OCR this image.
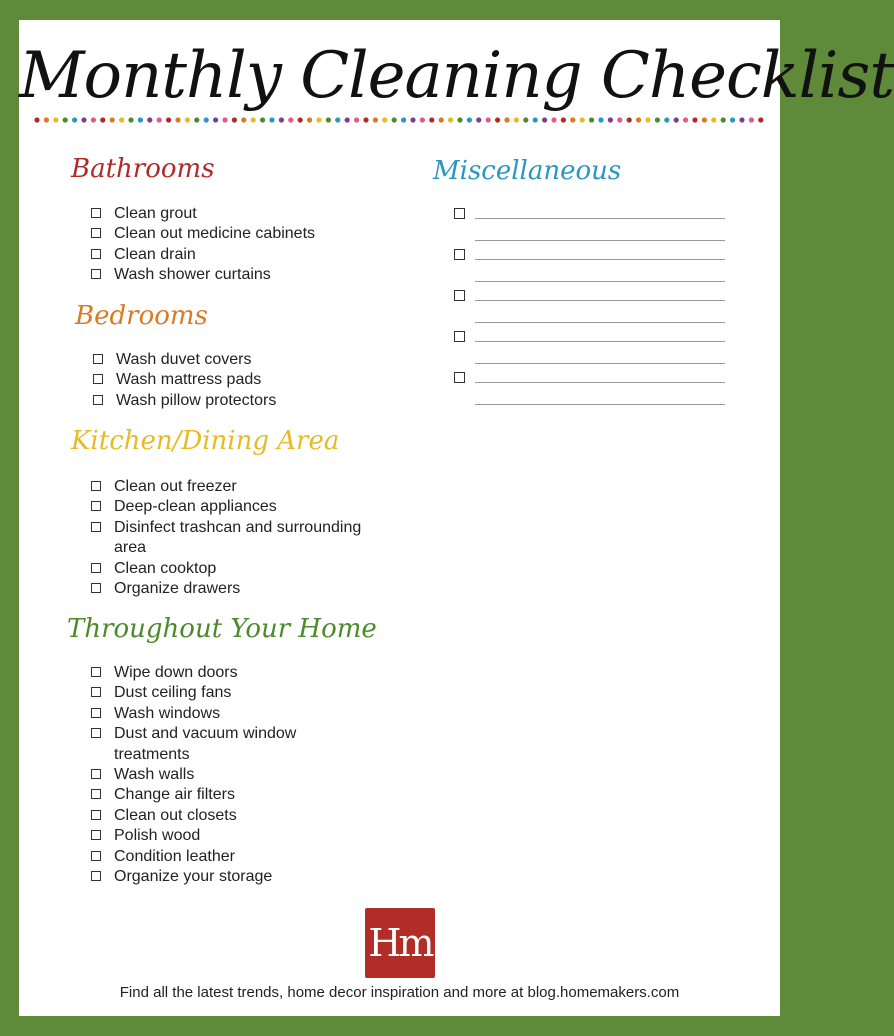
Monthly Cleaning Checklist
Bathrooms
Clean grout
Clean out medicine cabinets
Clean drain
Wash shower curtains
Bedrooms
Wash duvet covers
Wash mattress pads
Wash pillow protectors
Kitchen/Dining Area
Clean out freezer
Deep-clean appliances
Disinfect trashcan and surrounding area
Clean cooktop
Organize drawers
Throughout Your Home
Wipe down doors
Dust ceiling fans
Wash windows
Dust and vacuum window treatments
Wash walls
Change air filters
Clean out closets
Polish wood
Condition leather
Organize your storage
Miscellaneous
Hm
Find all the latest trends, home decor inspiration and more at blog.homemakers.com
